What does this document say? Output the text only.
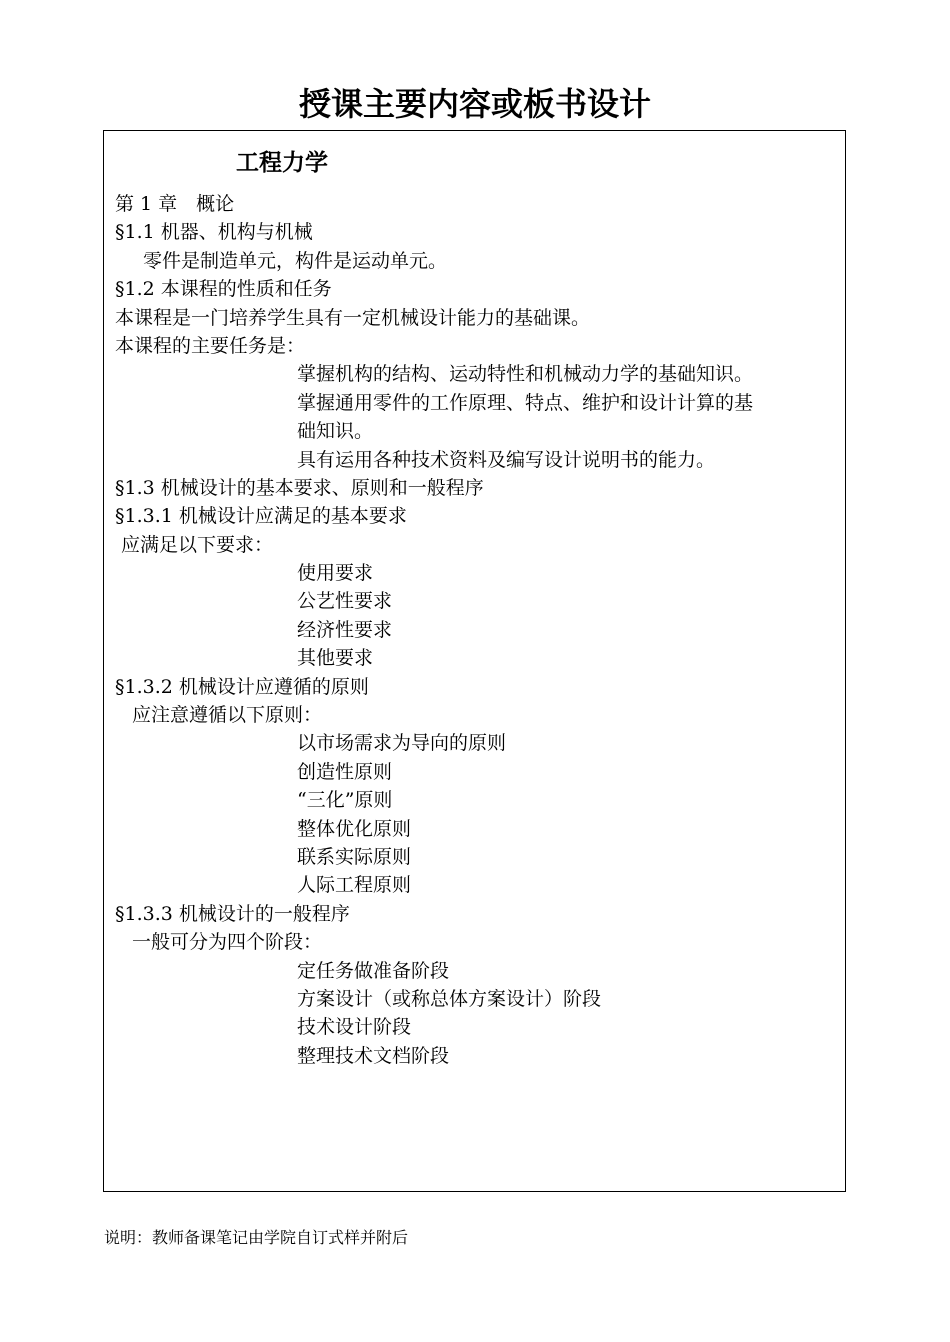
授课主要内容或板书设计
工程力学
第 1 章　概论
§1.1 机器、机构与机械
零件是制造单元，构件是运动单元。
§1.2 本课程的性质和任务
本课程是一门培养学生具有一定机械设计能力的基础课。
本课程的主要任务是：
掌握机构的结构、运动特性和机械动力学的基础知识。
掌握通用零件的工作原理、特点、维护和设计计算的基
础知识。
具有运用各种技术资料及编写设计说明书的能力。
§1.3 机械设计的基本要求、原则和一般程序
§1.3.1 机械设计应满足的基本要求
应满足以下要求：
使用要求
公艺性要求
经济性要求
其他要求
§1.3.2 机械设计应遵循的原则
应注意遵循以下原则：
以市场需求为导向的原则
创造性原则
“三化”原则
整体优化原则
联系实际原则
人际工程原则
§1.3.3 机械设计的一般程序
一般可分为四个阶段：
定任务做准备阶段
方案设计（或称总体方案设计）阶段
技术设计阶段
整理技术文档阶段
说明：教师备课笔记由学院自订式样并附后
